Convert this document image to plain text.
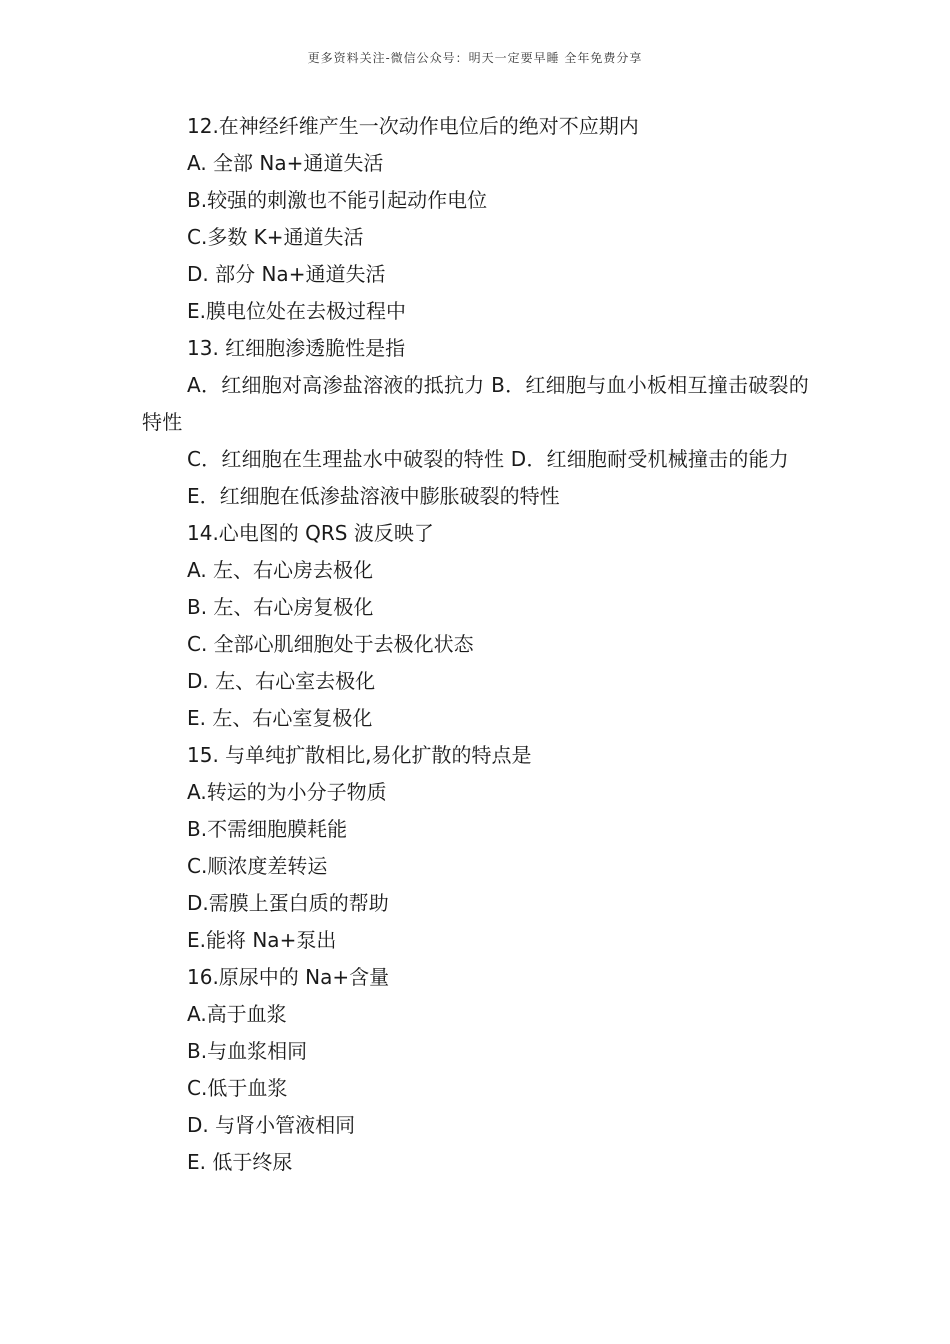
更多资料关注-微信公众号：明天一定要早睡 全年免费分享
12.在神经纤维产生一次动作电位后的绝对不应期内
A. 全部 Na+通道失活
B.较强的刺激也不能引起动作电位
C.多数 K+通道失活
D. 部分 Na+通道失活
E.膜电位处在去极过程中
13. 红细胞渗透脆性是指
A．红细胞对高渗盐溶液的抵抗力 B．红细胞与血小板相互撞击破裂的特性
C．红细胞在生理盐水中破裂的特性 D．红细胞耐受机械撞击的能力
E．红细胞在低渗盐溶液中膨胀破裂的特性
14.心电图的 QRS 波反映了
A. 左、右心房去极化
B. 左、右心房复极化
C. 全部心肌细胞处于去极化状态
D. 左、右心室去极化
E. 左、右心室复极化
15. 与单纯扩散相比,易化扩散的特点是
A.转运的为小分子物质
B.不需细胞膜耗能
C.顺浓度差转运
D.需膜上蛋白质的帮助
E.能将 Na+泵出
16.原尿中的 Na+含量
A.高于血浆
B.与血浆相同
C.低于血浆
D. 与肾小管液相同
E. 低于终尿
